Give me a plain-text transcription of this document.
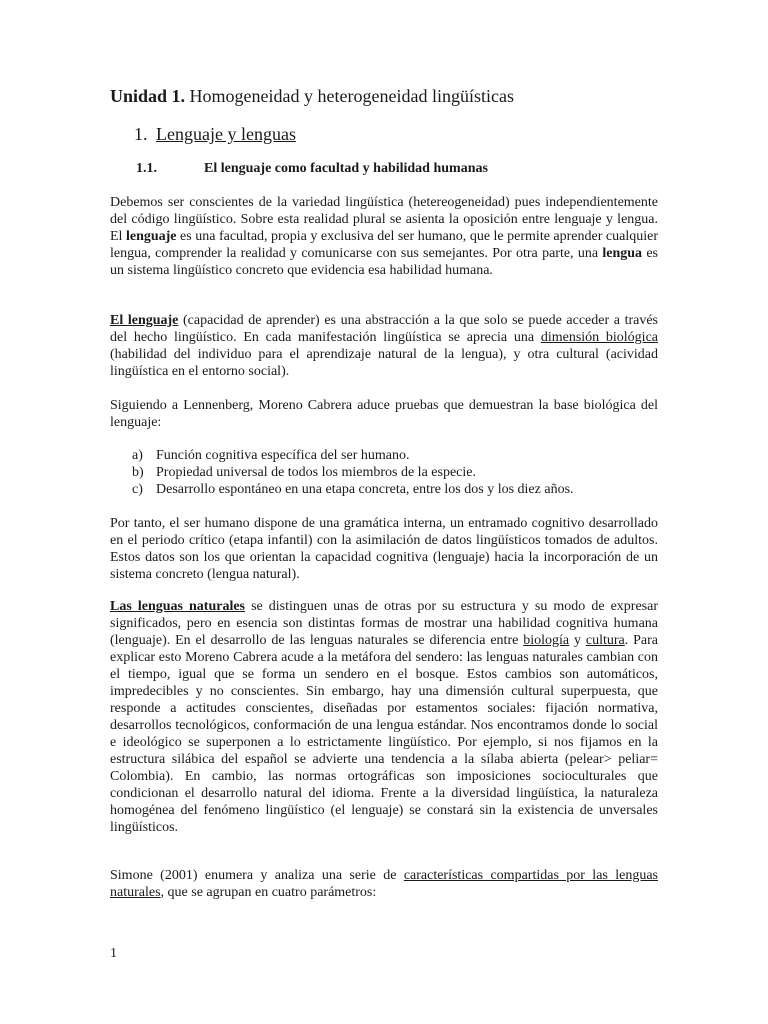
Unidad 1. Homogeneidad y heterogeneidad lingüísticas
1. Lenguaje y lenguas
1.1.	El lenguaje como facultad y habilidad humanas

Debemos ser conscientes de la variedad lingüística (hetereogeneidad) pues independientemente del código lingüístico. Sobre esta realidad plural se asienta la oposición entre lenguaje y lengua. El lenguaje es una facultad, propia y exclusiva del ser humano, que le permite aprender cualquier lengua, comprender la realidad y comunicarse con sus semejantes. Por otra parte, una lengua es un sistema lingüístico concreto que evidencia esa habilidad humana.

El lenguaje (capacidad de aprender) es una abstracción a la que solo se puede acceder a través del hecho lingüístico. En cada manifestación lingüística se aprecia una dimensión biológica (habilidad del individuo para el aprendizaje natural de la lengua), y otra cultural (acividad lingüística en el entorno social).

Siguiendo a Lennenberg, Moreno Cabrera aduce pruebas que demuestran la base biológica del lenguaje:

a) Función cognitiva específica del ser humano.
b) Propiedad universal de todos los miembros de la especie.
c) Desarrollo espontáneo en una etapa concreta, entre los dos y los diez años.

Por tanto, el ser humano dispone de una gramática interna, un entramado cognitivo desarrollado en el periodo crítico (etapa infantil) con la asimilación de datos lingüísticos tomados de adultos. Estos datos son los que orientan la capacidad cognitiva (lenguaje) hacia la incorporación de un sistema concreto (lengua natural).

Las lenguas naturales se distinguen unas de otras por su estructura y su modo de expresar significados, pero en esencia son distintas formas de mostrar una habilidad cognitiva humana (lenguaje). En el desarrollo de las lenguas naturales se diferencia entre biología y cultura. Para explicar esto Moreno Cabrera acude a la metáfora del sendero: las lenguas naturales cambian con el tiempo, igual que se forma un sendero en el bosque. Estos cambios son automáticos, impredecibles y no conscientes. Sin embargo, hay una dimensión cultural superpuesta, que responde a actitudes conscientes, diseñadas por estamentos sociales: fijación normativa, desarrollos tecnológicos, conformación de una lengua estándar. Nos encontramos donde lo social e ideológico se superponen a lo estrictamente lingüístico. Por ejemplo, si nos fijamos en la estructura silábica del español se advierte una tendencia a la sílaba abierta (pelear> peliar= Colombia). En cambio, las normas ortográficas son imposiciones socioculturales que condicionan el desarrollo natural del idioma. Frente a la diversidad lingüística, la naturaleza homogénea del fenómeno lingüístico (el lenguaje) se constará sin la existencia de unversales lingüísticos.

Simone (2001) enumera y analiza una serie de características compartidas por las lenguas naturales, que se agrupan en cuatro parámetros:

1
